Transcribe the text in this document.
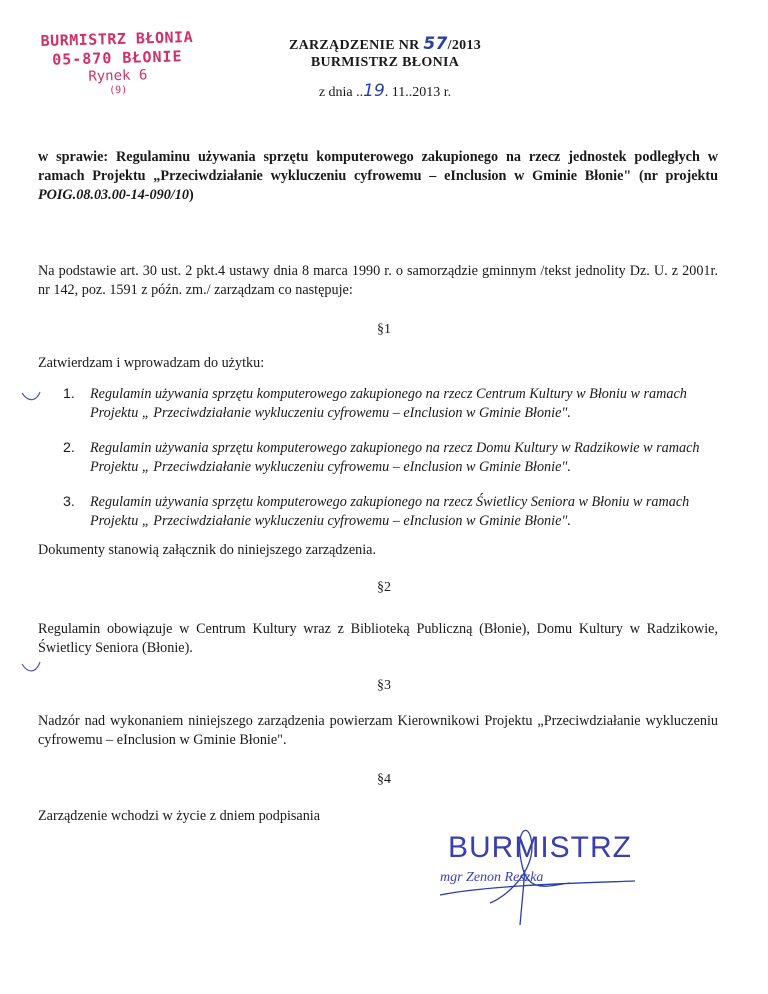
BURMISTRZ BŁONIA
05-870 BŁONIE
Rynek 6
(9)
ZARZĄDZENIE NR 57/2013
BURMISTRZ BŁONIA
z dnia ..19. 11..2013 r.
w sprawie: Regulaminu używania sprzętu komputerowego zakupionego na rzecz jednostek podległych w ramach Projektu „Przeciwdziałanie wykluczeniu cyfrowemu – eInclusion w Gminie Błonie" (nr projektu POIG.08.03.00-14-090/10)
Na podstawie art. 30 ust. 2 pkt.4 ustawy dnia 8 marca 1990 r. o samorządzie gminnym /tekst jednolity Dz. U. z 2001r. nr 142, poz. 1591 z późn. zm./ zarządzam co następuje:
§1
Zatwierdzam i wprowadzam do użytku:
1. Regulamin używania sprzętu komputerowego zakupionego na rzecz Centrum Kultury w Błoniu w ramach Projektu „ Przeciwdziałanie wykluczeniu cyfrowemu – eInclusion w Gminie Błonie".
2. Regulamin używania sprzętu komputerowego zakupionego na rzecz Domu Kultury w Radzikowie w ramach Projektu „ Przeciwdziałanie wykluczeniu cyfrowemu – eInclusion w Gminie Błonie".
3. Regulamin używania sprzętu komputerowego zakupionego na rzecz Świetlicy Seniora w Błoniu w ramach Projektu „ Przeciwdziałanie wykluczeniu cyfrowemu – eInclusion w Gminie Błonie".
Dokumenty stanowią załącznik do niniejszego zarządzenia.
§2
Regulamin obowiązuje w Centrum Kultury wraz z Biblioteką Publiczną (Błonie), Domu Kultury w Radzikowie, Świetlicy Seniora (Błonie).
§3
Nadzór nad wykonaniem niniejszego zarządzenia powierzam Kierownikowi Projektu „Przeciwdziałanie wykluczeniu cyfrowemu – eInclusion w Gminie Błonie".
§4
Zarządzenie wchodzi w życie z dniem podpisania
BURMISTRZ
mgr Zenon Reszka
